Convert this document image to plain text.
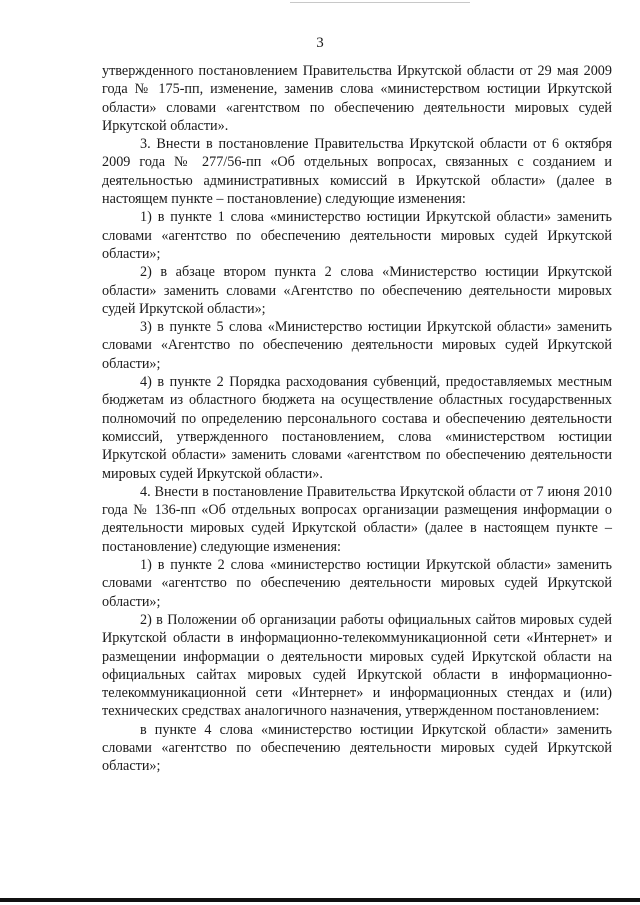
3

утвержденного постановлением Правительства Иркутской области от 29 мая 2009 года № 175-пп, изменение, заменив слова «министерством юстиции Иркутской области» словами «агентством по обеспечению деятельности мировых судей Иркутской области».

3. Внести в постановление Правительства Иркутской области от 6 октября 2009 года № 277/56-пп «Об отдельных вопросах, связанных с созданием и деятельностью административных комиссий в Иркутской области» (далее в настоящем пункте – постановление) следующие изменения:

1) в пункте 1 слова «министерство юстиции Иркутской области» заменить словами «агентство по обеспечению деятельности мировых судей Иркутской области»;

2) в абзаце втором пункта 2 слова «Министерство юстиции Иркутской области» заменить словами «Агентство по обеспечению деятельности мировых судей Иркутской области»;

3) в пункте 5 слова «Министерство юстиции Иркутской области» заменить словами «Агентство по обеспечению деятельности мировых судей Иркутской области»;

4) в пункте 2 Порядка расходования субвенций, предоставляемых местным бюджетам из областного бюджета на осуществление областных государственных полномочий по определению персонального состава и обеспечению деятельности комиссий, утвержденного постановлением, слова «министерством юстиции Иркутской области» заменить словами «агентством по обеспечению деятельности мировых судей Иркутской области».

4. Внести в постановление Правительства Иркутской области от 7 июня 2010 года № 136-пп «Об отдельных вопросах организации размещения информации о деятельности мировых судей Иркутской области» (далее в настоящем пункте – постановление) следующие изменения:

1) в пункте 2 слова «министерство юстиции Иркутской области» заменить словами «агентство по обеспечению деятельности мировых судей Иркутской области»;

2) в Положении об организации работы официальных сайтов мировых судей Иркутской области в информационно-телекоммуникационной сети «Интернет» и размещении информации о деятельности мировых судей Иркутской области на официальных сайтах мировых судей Иркутской области в информационно-телекоммуникационной сети «Интернет» и информационных стендах и (или) технических средствах аналогичного назначения, утвержденном постановлением:

в пункте 4 слова «министерство юстиции Иркутской области» заменить словами «агентство по обеспечению деятельности мировых судей Иркутской области»;
